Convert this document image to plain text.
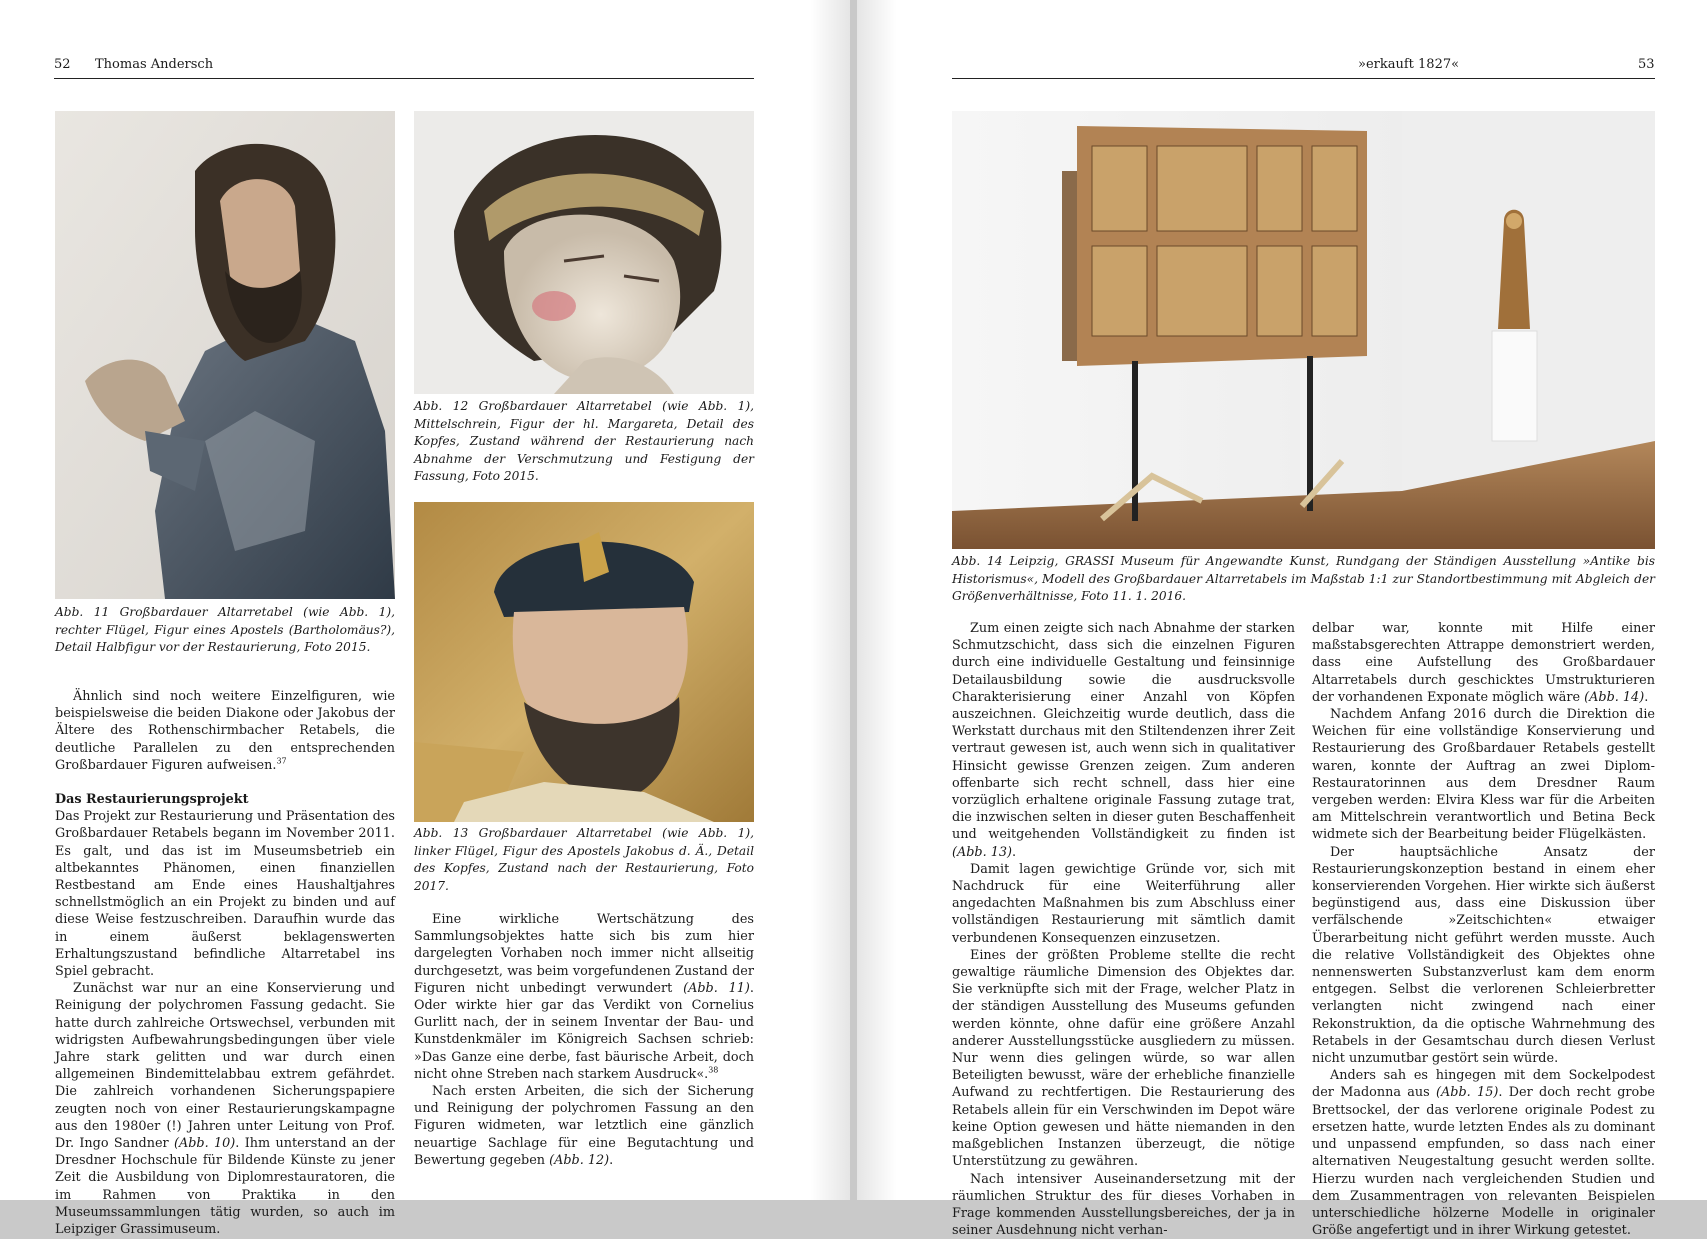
52 Thomas Andersch
Abb. 11 Großbardauer Altarretabel (wie Abb. 1), rechter Flügel, Figur eines Apostels (Bartholomäus?), Detail Halbfigur vor der Restaurierung, Foto 2015.
Abb. 12 Großbardauer Altarretabel (wie Abb. 1), Mittelschrein, Figur der hl. Margareta, Detail des Kopfes, Zustand während der Restaurierung nach Abnahme der Verschmutzung und Festigung der Fassung, Foto 2015.
Abb. 13 Großbardauer Altarretabel (wie Abb. 1), linker Flügel, Figur des Apostels Jakobus d. Ä., Detail des Kopfes, Zustand nach der Restaurierung, Foto 2017.

Ähnlich sind noch weitere Einzelfiguren, wie beispielsweise die beiden Diakone oder Jakobus der Ältere des Rothenschirmbacher Retabels, die deutliche Parallelen zu den entsprechenden Großbardauer Figuren aufweisen.$^{37}$

Das Restaurierungsprojekt

Das Projekt zur Restaurierung und Präsentation des Großbardauer Retabels begann im November 2011. Es galt, und das ist im Museumsbetrieb ein altbekanntes Phänomen, einen finanziellen Restbestand am Ende eines Haushaltjahres schnellstmöglich an ein Projekt zu binden und auf diese Weise festzuschreiben. Daraufhin wurde das in einem äußerst beklagenswerten Erhaltungszustand befindliche Altarretabel ins Spiel gebracht.

Zunächst war nur an eine Konservierung und Reinigung der polychromen Fassung gedacht. Sie hatte durch zahlreiche Ortswechsel, verbunden mit widrigsten Aufbewahrungsbedingungen über viele Jahre stark gelitten und war durch einen allgemeinen Bindemittelabbau extrem gefährdet. Die zahlreich vorhandenen Sicherungspapiere zeugten noch von einer Restaurierungskampagne aus den 1980er (!) Jahren unter Leitung von Prof. Dr. Ingo Sandner (Abb. 10). Ihm unterstand an der Dresdner Hochschule für Bildende Künste zu jener Zeit die Ausbildung von Diplomrestauratoren, die im Rahmen von Praktika in den Museumssammlungen tätig wurden, so auch im Leipziger Grassimuseum.

Eine wirkliche Wertschätzung des Sammlungsobjektes hatte sich bis zum hier dargelegten Vorhaben noch immer nicht allseitig durchgesetzt, was beim vorgefundenen Zustand der Figuren nicht unbedingt verwundert (Abb. 11). Oder wirkte hier gar das Verdikt von Cornelius Gurlitt nach, der in seinem Inventar der Bau- und Kunstdenkmäler im Königreich Sachsen schrieb: »Das Ganze eine derbe, fast bäurische Arbeit, doch nicht ohne Streben nach starkem Ausdruck«.$^{38}$

Nach ersten Arbeiten, die sich der Sicherung und Reinigung der polychromen Fassung an den Figuren widmeten, war letztlich eine gänzlich neuartige Sachlage für eine Begutachtung und Bewertung gegeben (Abb. 12).

»erkauft 1827«	53
Abb. 14 Leipzig, GRASSI Museum für Angewandte Kunst, Rundgang der Ständigen Ausstellung »Antike bis Historismus«, Modell des Großbardauer Altarretabels im Maßstab 1:1 zur Standortbestimmung mit Abgleich der Größenverhältnisse, Foto 11. 1. 2016.

Zum einen zeigte sich nach Abnahme der starken Schmutzschicht, dass sich die einzelnen Figuren durch eine individuelle Gestaltung und feinsinnige Detailausbildung sowie die ausdrucksvolle Charakterisierung einer Anzahl von Köpfen auszeichnen. Gleichzeitig wurde deutlich, dass die Werkstatt durchaus mit den Stiltendenzen ihrer Zeit vertraut gewesen ist, auch wenn sich in qualitativer Hinsicht gewisse Grenzen zeigen. Zum anderen offenbarte sich recht schnell, dass hier eine vorzüglich erhaltene originale Fassung zutage trat, die inzwischen selten in dieser guten Beschaffenheit und weitgehenden Vollständigkeit zu finden ist (Abb. 13).

Damit lagen gewichtige Gründe vor, sich mit Nachdruck für eine Weiterführung aller angedachten Maßnahmen bis zum Abschluss einer vollständigen Restaurierung mit sämtlich damit verbundenen Konsequenzen einzusetzen.

Eines der größten Probleme stellte die recht gewaltige räumliche Dimension des Objektes dar. Sie verknüpfte sich mit der Frage, welcher Platz in der ständigen Ausstellung des Museums gefunden werden könnte, ohne dafür eine größere Anzahl anderer Ausstellungsstücke ausgliedern zu müssen. Nur wenn dies gelingen würde, so war allen Beteiligten bewusst, wäre der erhebliche finanzielle Aufwand zu rechtfertigen. Die Restaurierung des Retabels allein für ein Verschwinden im Depot wäre keine Option gewesen und hätte niemanden in den maßgeblichen Instanzen überzeugt, die nötige Unterstützung zu gewähren.

Nach intensiver Auseinandersetzung mit der räumlichen Struktur des für dieses Vorhaben in Frage kommenden Ausstellungsbereiches, der ja in seiner Ausdehnung nicht verhan-

delbar war, konnte mit Hilfe einer maßstabsgerechten Attrappe demonstriert werden, dass eine Aufstellung des Großbardauer Altarretabels durch geschicktes Umstrukturieren der vorhandenen Exponate möglich wäre (Abb. 14).

Nachdem Anfang 2016 durch die Direktion die Weichen für eine vollständige Konservierung und Restaurierung des Großbardauer Retabels gestellt waren, konnte der Auftrag an zwei Diplom-Restauratorinnen aus dem Dresdner Raum vergeben werden: Elvira Kless war für die Arbeiten am Mittelschrein verantwortlich und Betina Beck widmete sich der Bearbeitung beider Flügelkästen.

Der hauptsächliche Ansatz der Restaurierungskonzeption bestand in einem eher konservierenden Vorgehen. Hier wirkte sich äußerst begünstigend aus, dass eine Diskussion über verfälschende »Zeitschichten« etwaiger Überarbeitung nicht geführt werden musste. Auch die relative Vollständigkeit des Objektes ohne nennenswerten Substanzverlust kam dem enorm entgegen. Selbst die verlorenen Schleierbretter verlangten nicht zwingend nach einer Rekonstruktion, da die optische Wahrnehmung des Retabels in der Gesamtschau durch diesen Verlust nicht unzumutbar gestört sein würde.

Anders sah es hingegen mit dem Sockelpodest der Madonna aus (Abb. 15). Der doch recht grobe Brettsockel, der das verlorene originale Podest zu ersetzen hatte, wurde letzten Endes als zu dominant und unpassend empfunden, so dass nach einer alternativen Neugestaltung gesucht werden sollte. Hierzu wurden nach vergleichenden Studien und dem Zusammentragen von relevanten Beispielen unterschiedliche hölzerne Modelle in originaler Größe angefertigt und in ihrer Wirkung getestet.
